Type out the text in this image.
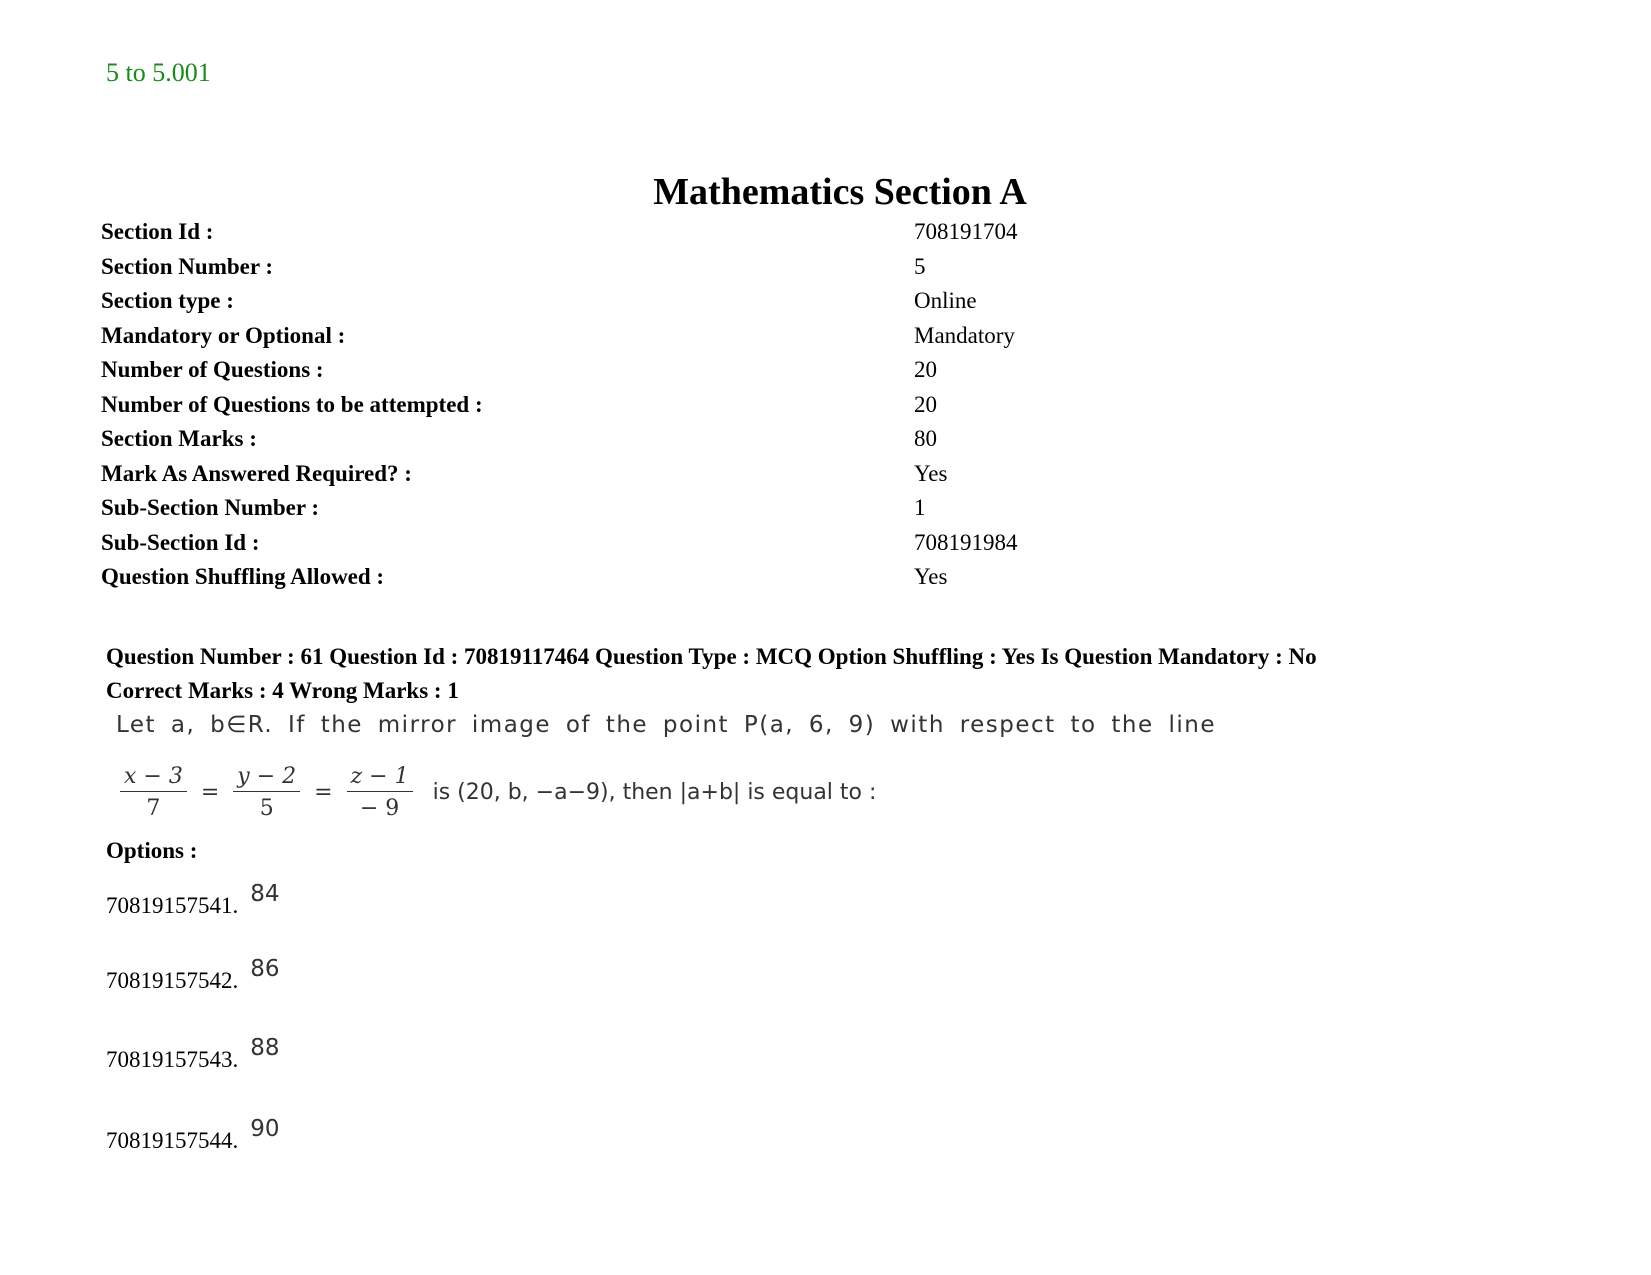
5 to 5.001
Mathematics Section A
Section Id :	708191704
Section Number :	5
Section type :	Online
Mandatory or Optional :	Mandatory
Number of Questions :	20
Number of Questions to be attempted :	20
Section Marks :	80
Mark As Answered Required? :	Yes
Sub-Section Number :	1
Sub-Section Id :	708191984
Question Shuffling Allowed :	Yes
Question Number : 61 Question Id : 70819117464 Question Type : MCQ Option Shuffling : Yes Is Question Mandatory : No
Correct Marks : 4 Wrong Marks : 1
Let a, b∈R. If the mirror image of the point P(a, 6, 9) with respect to the line
$\frac{x - 3}{7} = \frac{y - 2}{5} = \frac{z - 1}{- 9}$ is (20, b, −a−9), then |a+b| is equal to :
Options :
70819157541. 84
70819157542. 86
70819157543. 88
70819157544. 90
